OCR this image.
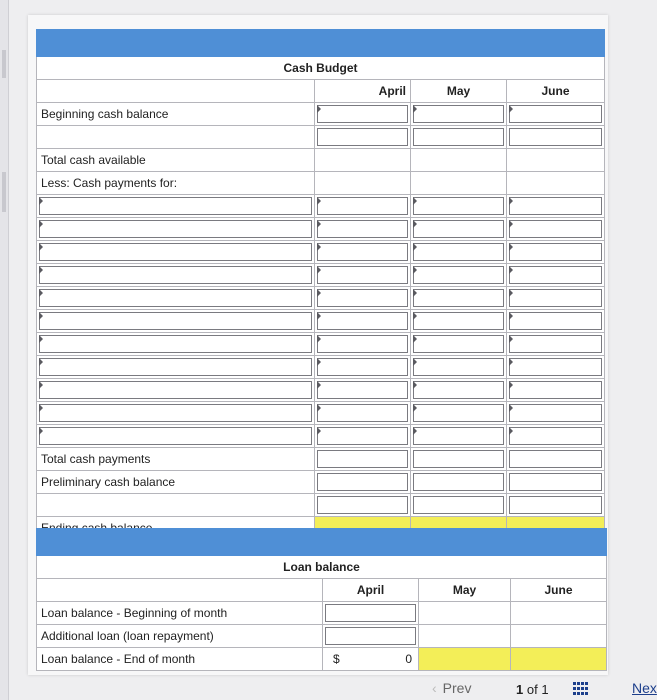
Cash Budget			
	April	May	June
Beginning cash balance	

Total cash available			
Less: Cash payments for:			

Total cash payments	

Preliminary cash balance	

Loan balance			
	April	May	June
Loan balance - Beginning of month	

Additional loan (loan repayment)	

Loan balance - End of month	$ 0		

‹ Prev	1 of 1	Nex
